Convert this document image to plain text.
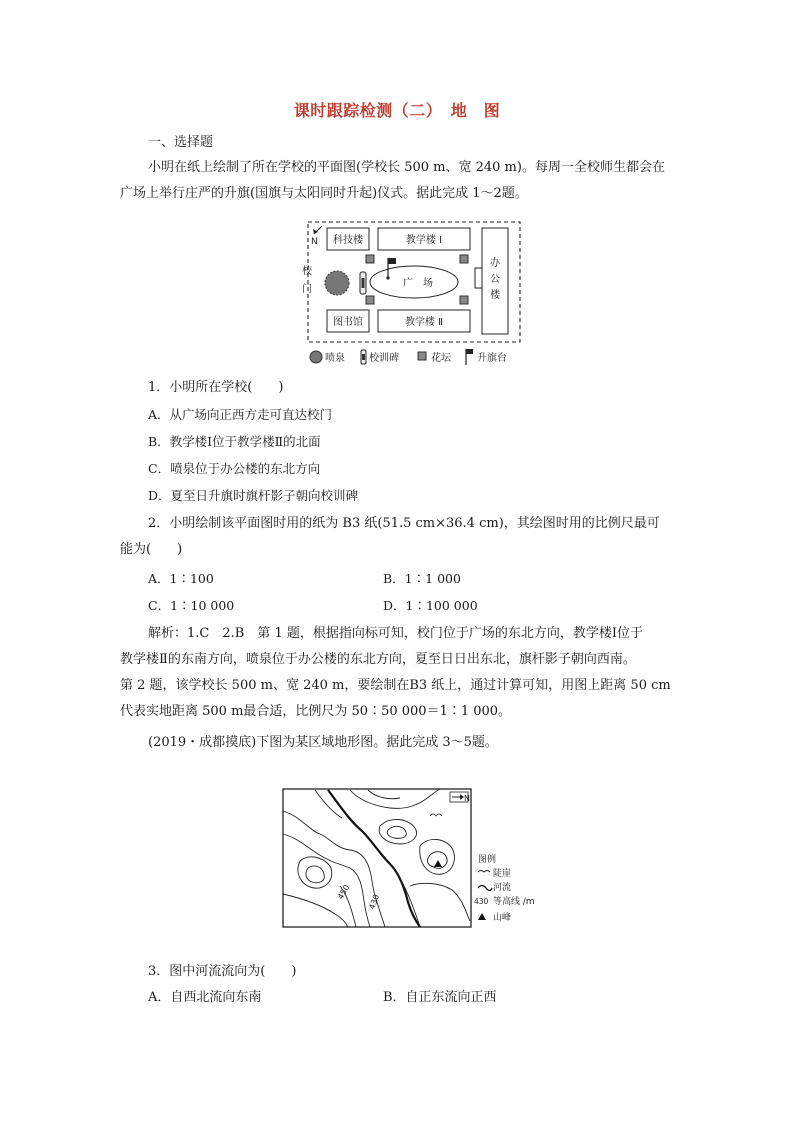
课时跟踪检测（二）　地　图
一、选择题
小明在纸上绘制了所在学校的平面图(学校长 500 m、宽 240 m)。每周一全校师生都会在
广场上举行庄严的升旗(国旗与太阳同时升起)仪式。据此完成 1～2题。
N 科技楼	教学楼 Ⅰ
图书馆	教学楼 Ⅱ
办
公
楼
校
门
广　场
喷泉 校训碑	花坛	升旗台
1．小明所在学校(　　)
A．从广场向正西方走可直达校门
B．教学楼Ⅰ位于教学楼Ⅱ的北面
C．喷泉位于办公楼的东北方向
D．夏至日升旗时旗杆影子朝向校训碑
2．小明绘制该平面图时用的纸为 B3 纸(51.5 cm×36.4 cm)，其绘图时用的比例尺最可
能为(　　)
A．1∶100	B．1∶1 000
C．1∶10 000	D．1∶100 000
解析：1.C　2.B　第 1 题，根据指向标可知，校门位于广场的东北方向，教学楼Ⅰ位于
教学楼Ⅱ的东南方向，喷泉位于办公楼的东北方向，夏至日日出东北，旗杆影子朝向西南。
第 2 题，该学校长 500 m、宽 240 m，要绘制在B3 纸上，通过计算可知，用图上距离 50 cm
代表实地距离 500 m最合适，比例尺为 50∶50 000＝1∶1 000。
(2019・成都摸底)下图为某区域地形图。据此完成 3～5题。
N
450
430
图例
陡崖
河流
430 等高线 /m
山峰
3．图中河流流向为(　　)
A．自西北流向东南	B．自正东流向正西
